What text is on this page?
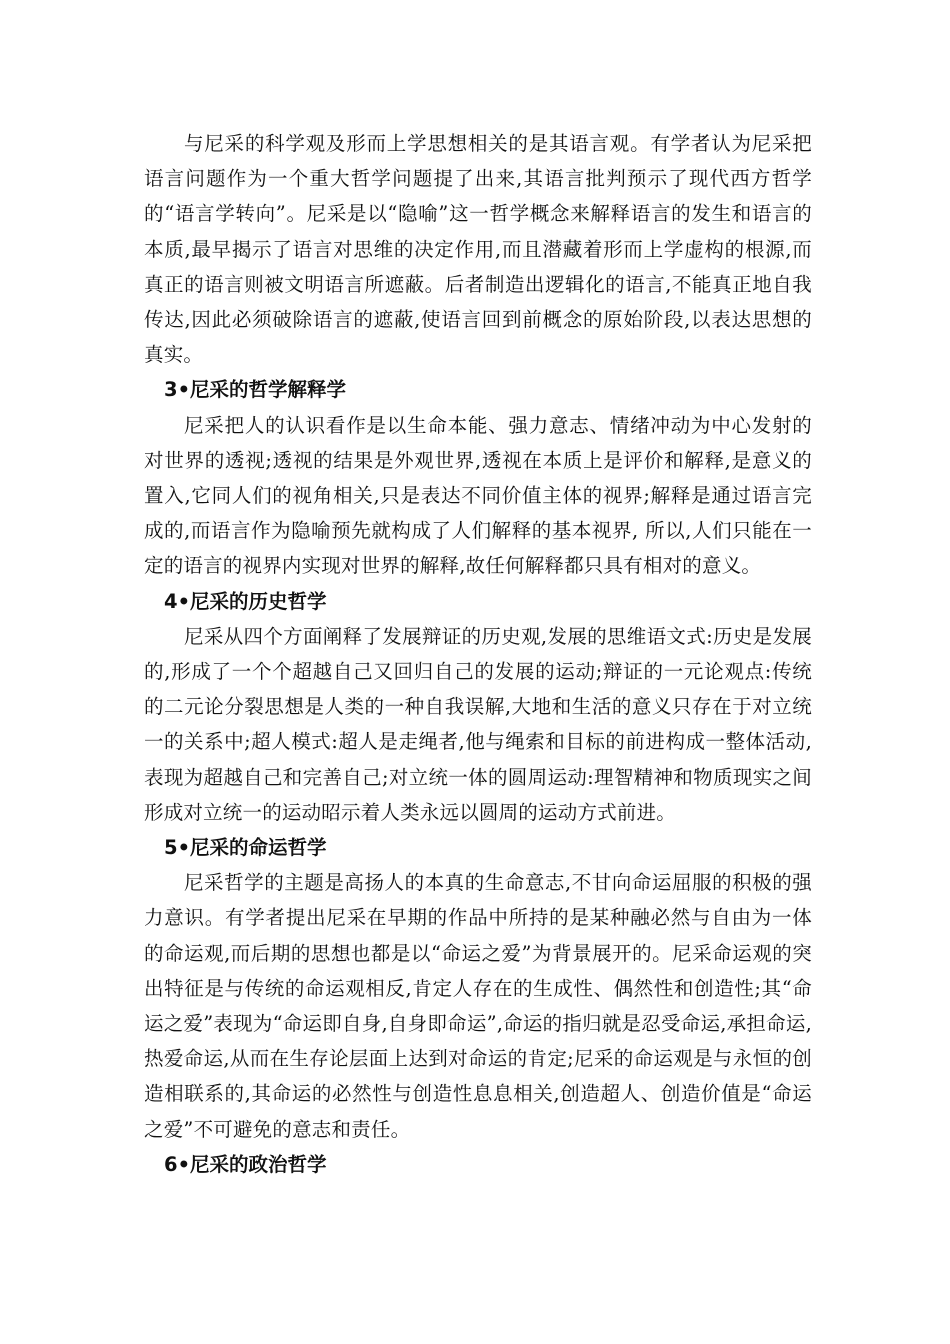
与尼采的科学观及形而上学思想相关的是其语言观。有学者认为尼采把语言问题作为一个重大哲学问题提了出来,其语言批判预示了现代西方哲学的“语言学转向”。尼采是以“隐喻”这一哲学概念来解释语言的发生和语言的本质,最早揭示了语言对思维的决定作用,而且潜藏着形而上学虚构的根源,而真正的语言则被文明语言所遮蔽。后者制造出逻辑化的语言,不能真正地自我传达,因此必须破除语言的遮蔽,使语言回到前概念的原始阶段,以表达思想的真实。

3•尼采的哲学解释学

尼采把人的认识看作是以生命本能、强力意志、情绪冲动为中心发射的对世界的透视;透视的结果是外观世界,透视在本质上是评价和解释,是意义的置入,它同人们的视角相关,只是表达不同价值主体的视界;解释是通过语言完成的,而语言作为隐喻预先就构成了人们解释的基本视界, 所以,人们只能在一定的语言的视界内实现对世界的解释,故任何解释都只具有相对的意义。

4•尼采的历史哲学

尼采从四个方面阐释了发展辩证的历史观,发展的思维语文式:历史是发展的,形成了一个个超越自己又回归自己的发展的运动;辩证的一元论观点:传统的二元论分裂思想是人类的一种自我误解,大地和生活的意义只存在于对立统一的关系中;超人模式:超人是走绳者,他与绳索和目标的前进构成一整体活动,表现为超越自己和完善自己;对立统一体的圆周运动:理智精神和物质现实之间形成对立统一的运动昭示着人类永远以圆周的运动方式前进。

5•尼采的命运哲学

尼采哲学的主题是高扬人的本真的生命意志,不甘向命运屈服的积极的强力意识。有学者提出尼采在早期的作品中所持的是某种融必然与自由为一体的命运观,而后期的思想也都是以“命运之爱”为背景展开的。尼采命运观的突出特征是与传统的命运观相反,肯定人存在的生成性、偶然性和创造性;其“命运之爱”表现为“命运即自身,自身即命运”,命运的指归就是忍受命运,承担命运,热爱命运,从而在生存论层面上达到对命运的肯定;尼采的命运观是与永恒的创造相联系的,其命运的必然性与创造性息息相关,创造超人、创造价值是“命运之爱”不可避免的意志和责任。

6•尼采的政治哲学
